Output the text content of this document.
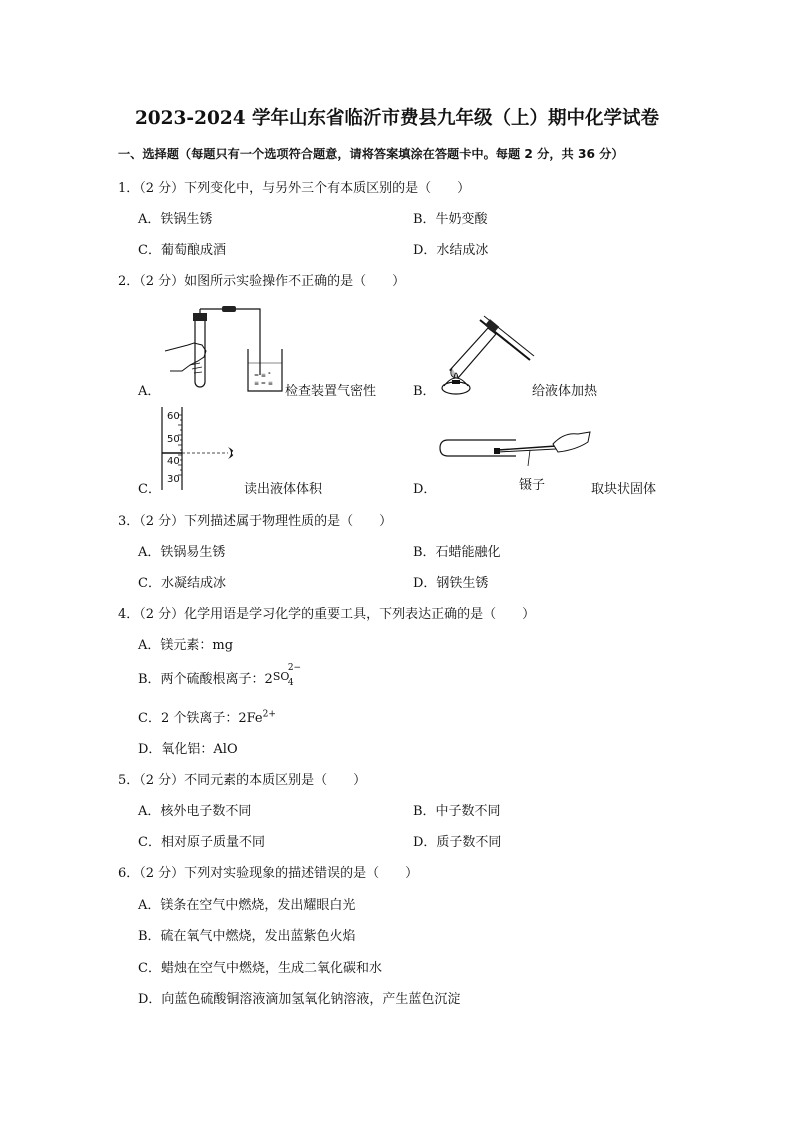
2023-2024 学年山东省临沂市费县九年级（上）期中化学试卷
一、选择题（每题只有一个选项符合题意，请将答案填涂在答题卡中。每题 2 分，共 36 分）
1．（2 分）下列变化中，与另外三个有本质区别的是（　　）
A．铁锅生锈	B．牛奶变酸
C．葡萄酿成酒	D．水结成冰
2．（2 分）如图所示实验操作不正确的是（　　）
= ≡ °
≡ = ≡
A．	检查装置气密性	B．	给液体加热
60
50
40
30
C．	读出液体体积	D．	镊子	取块状固体
3．（2 分）下列描述属于物理性质的是（　　）
A．铁锅易生锈	B．石蜡能融化
C．水凝结成冰	D．钢铁生锈
4．（2 分）化学用语是学习化学的重要工具，下列表达正确的是（　　）
A．镁元素：mg
B．两个硫酸根离子：2 SO
2−
4
C．2 个铁离子：$2Fe^{2+}$
D．氧化铝：AlO
5．（2 分）不同元素的本质区别是（　　）
A．核外电子数不同	B．中子数不同
C．相对原子质量不同	D．质子数不同
6．（2 分）下列对实验现象的描述错误的是（　　）
A．镁条在空气中燃烧，发出耀眼白光
B．硫在氧气中燃烧，发出蓝紫色火焰
C．蜡烛在空气中燃烧，生成二氧化碳和水
D．向蓝色硫酸铜溶液滴加氢氧化钠溶液，产生蓝色沉淀
